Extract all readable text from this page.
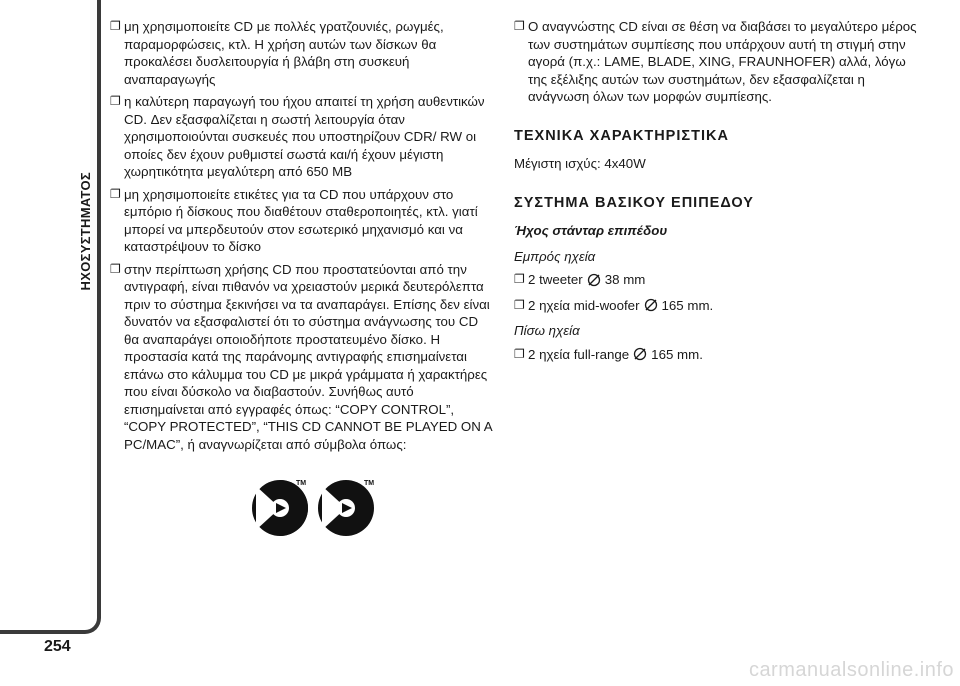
ΗΧΟΣΥΣΤΗΜΑΤΟΣ
254
❐ μη χρησιμοποιείτε CD με πολλές γρατζουνιές, ρωγμές, παραμορφώσεις, κτλ. Η χρήση αυτών των δίσκων θα προκαλέσει δυσλειτουργία ή βλάβη στη συσκευή αναπαραγωγής
❐ η καλύτερη παραγωγή του ήχου απαιτεί τη χρήση αυθεντικών CD. Δεν εξασφαλίζεται η σωστή λειτουργία όταν χρησιμοποιούνται συσκευές που υποστηρίζουν CDR/ RW οι οποίες δεν έχουν ρυθμιστεί σωστά και/ή έχουν μέγιστη χωρητικότητα μεγαλύτερη από 650 MB
❐ μη χρησιμοποιείτε ετικέτες για τα CD που υπάρχουν στο εμπόριο ή δίσκους που διαθέτουν σταθεροποιητές, κτλ. γιατί μπορεί να μπερδευτούν στον εσωτερικό μηχανισμό και να καταστρέψουν το δίσκο
❐ στην περίπτωση χρήσης CD που προστατεύονται από την αντιγραφή, είναι πιθανόν να χρειαστούν μερικά δευτερόλεπτα πριν το σύστημα ξεκινήσει να τα αναπαράγει. Επίσης δεν είναι δυνατόν να εξασφαλιστεί ότι το σύστημα ανάγνωσης του CD θα αναπαράγει οποιοδήποτε προστατευμένο δίσκο. Η προστασία κατά της παράνομης αντιγραφής επισημαίνεται επάνω στο κάλυμμα του CD με μικρά γράμματα ή χαρακτήρες που είναι δύσκολο να διαβαστούν. Συνήθως αυτό επισημαίνεται από εγγραφές όπως: “COPY CONTROL”, “COPY PROTECTED”, “THIS CD CANNOT BE PLAYED ON A PC/MAC”, ή αναγνωρίζεται από σύμβολα όπως:
TM	TM
❐ Ο αναγνώστης CD είναι σε θέση να διαβάσει το μεγαλύτερο μέρος των συστημάτων συμπίεσης που υπάρχουν αυτή τη στιγμή στην αγορά (π.χ.: LAME, BLADE, XING, FRAUNHOFER) αλλά, λόγω της εξέλιξης αυτών των συστημάτων, δεν εξασφαλίζεται η ανάγνωση όλων των μορφών συμπίεσης.
ΤΕΧΝΙΚΑ ΧΑΡΑΚΤΗΡΙΣΤΙΚΑ
Μέγιστη ισχύς: 4x40W
ΣΥΣΤΗΜΑ ΒΑΣΙΚΟΥ ΕΠΙΠΕΔΟΥ
Ήχος στάνταρ επιπέδου
Εμπρός ηχεία
❐ 2 tweeter 38 mm
❐ 2 ηχεία mid-woofer 165 mm.
Πίσω ηχεία
❐ 2 ηχεία full-range 165 mm.
carmanualsonline.info
